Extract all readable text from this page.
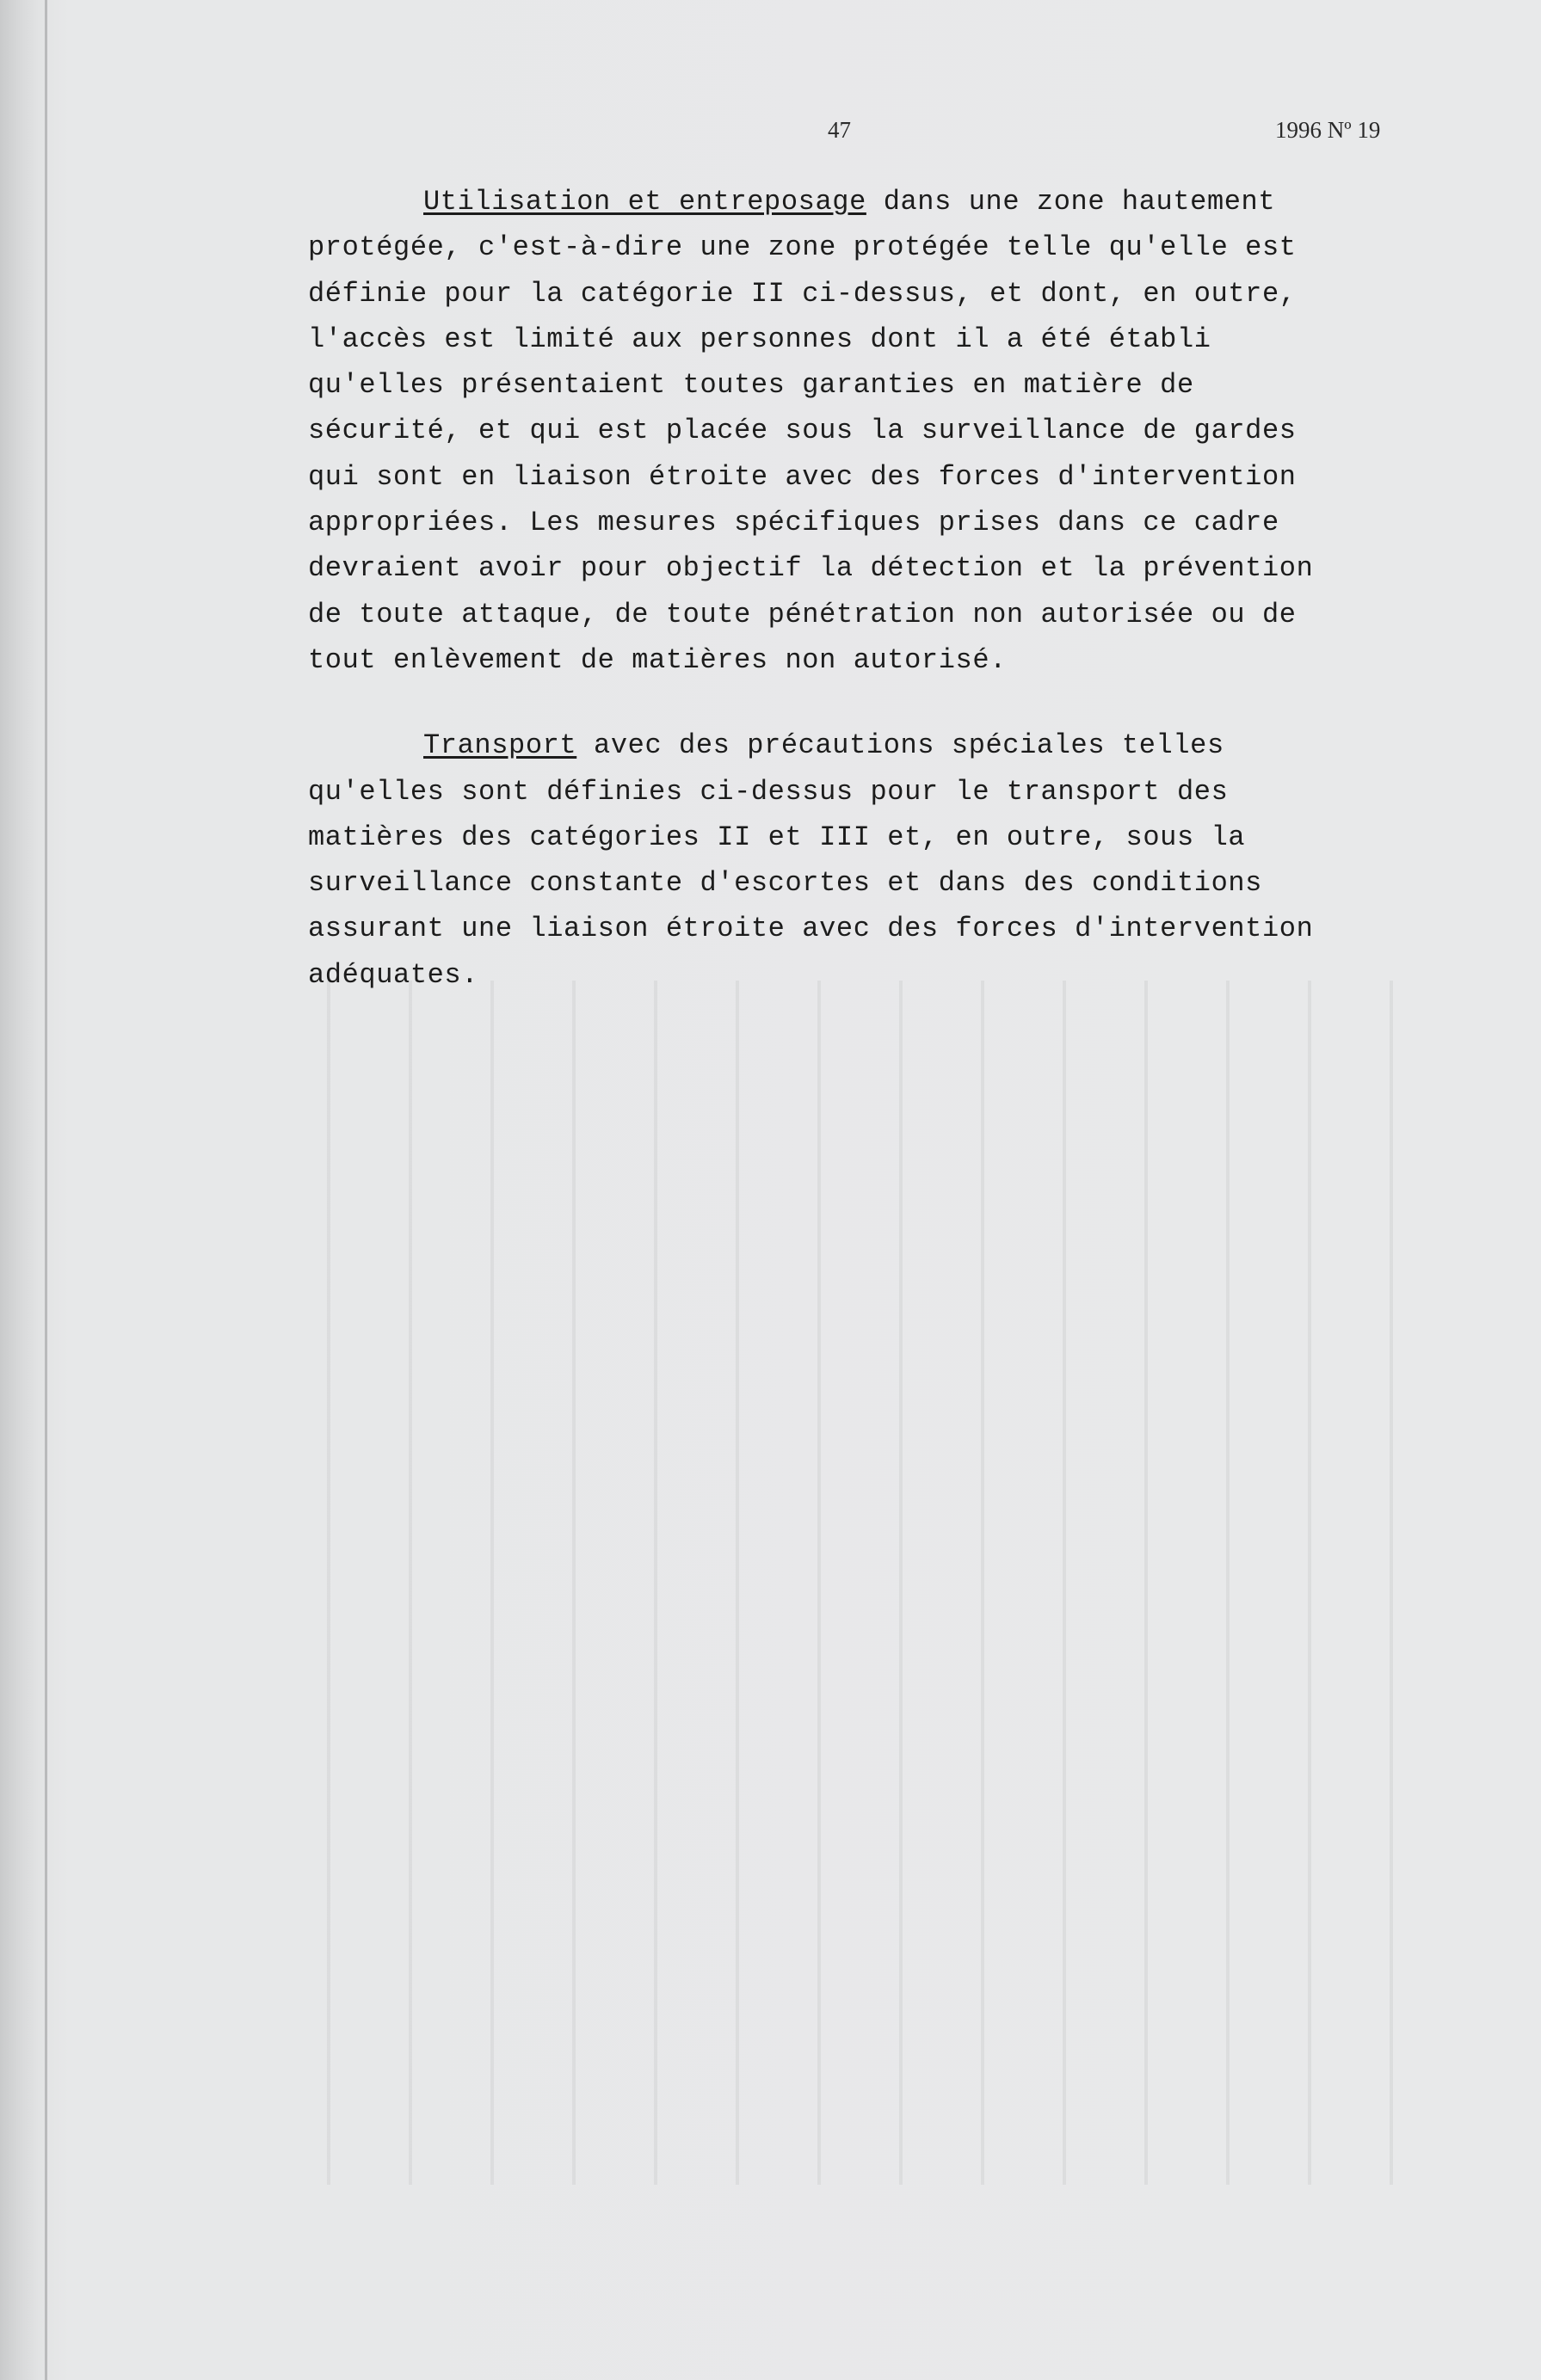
47	1996 Nº 19

Utilisation et entreposage dans une zone hautement
protégée, c'est-à-dire une zone protégée telle qu'elle est
définie pour la catégorie II ci-dessus, et dont, en outre,
l'accès est limité aux personnes dont il a été établi
qu'elles présentaient toutes garanties en matière de
sécurité, et qui est placée sous la surveillance de gardes
qui sont en liaison étroite avec des forces d'intervention
appropriées. Les mesures spécifiques prises dans ce cadre
devraient avoir pour objectif la détection et la prévention
de toute attaque, de toute pénétration non autorisée ou de
tout enlèvement de matières non autorisé.

Transport avec des précautions spéciales telles
qu'elles sont définies ci-dessus pour le transport des
matières des catégories II et III et, en outre, sous la
surveillance constante d'escortes et dans des conditions
assurant une liaison étroite avec des forces d'intervention
adéquates.
